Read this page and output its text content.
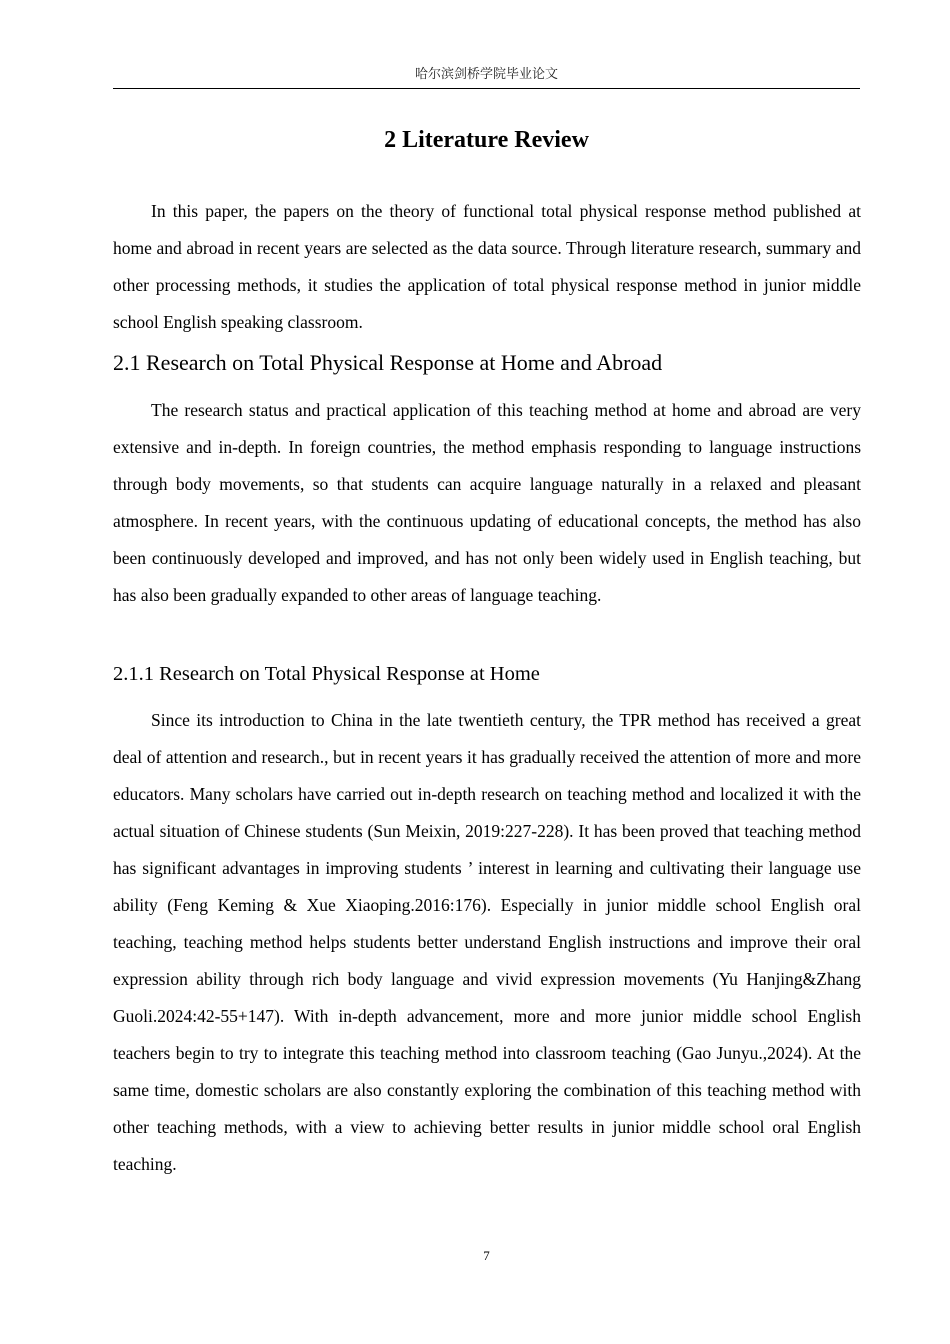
哈尔滨剑桥学院毕业论文
2 Literature Review

In this paper, the papers on the theory of functional total physical response method published at home and abroad in recent years are selected as the data source. Through literature research, summary and other processing methods, it studies the application of total physical response method in junior middle school English speaking classroom.

2.1 Research on Total Physical Response at Home and Abroad

The research status and practical application of this teaching method at home and abroad are very extensive and in-depth. In foreign countries, the method emphasis responding to language instructions through body movements, so that students can acquire language naturally in a relaxed and pleasant atmosphere. In recent years, with the continuous updating of educational concepts, the method has also been continuously developed and improved, and has not only been widely used in English teaching, but has also been gradually expanded to other areas of language teaching.

2.1.1 Research on Total Physical Response at Home

Since its introduction to China in the late twentieth century, the TPR method has received a great deal of attention and research., but in recent years it has gradually received the attention of more and more educators. Many scholars have carried out in-depth research on teaching method and localized it with the actual situation of Chinese students (Sun Meixin, 2019:227-228). It has been proved that teaching method has significant advantages in improving students ’ interest in learning and cultivating their language use ability (Feng Keming & Xue Xiaoping.2016:176). Especially in junior middle school English oral teaching, teaching method helps students better understand English instructions and improve their oral expression ability through rich body language and vivid expression movements (Yu Hanjing&Zhang Guoli.2024:42-55+147). With in-depth advancement, more and more junior middle school English teachers begin to try to integrate this teaching method into classroom teaching (Gao Junyu.,2024). At the same time, domestic scholars are also constantly exploring the combination of this teaching method with other teaching methods, with a view to achieving better results in junior middle school oral English teaching.

7
